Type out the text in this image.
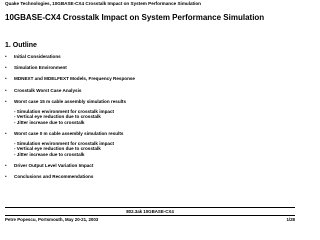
Quake Technologies, 10GBASE-CX4 Crosstalk Impact on System Performance Simulation
10GBASE-CX4 Crosstalk Impact on System Performance Simulation
1. Outline
• Initial Considerations
• Simulation Environment
• MDNEXT and MDELFEXT Models, Frequency Response
• Crosstalk Worst Case Analysis
• Worst case 15 m cable assembly simulation results
- Simulation environment for crosstalk impact
- Vertical eye reduction due to crosstalk
- Jitter increase due to crosstalk
• Worst case 0 m cable assembly simulation results
- Simulation environment for crosstalk impact
- Vertical eye reduction due to crosstalk
- Jitter increase due to crosstalk
• Driver Output Level Variation Impact
• Conclusions and Recommendations
802.3ak 10GBASE-CX4
Petre Popescu, Portsmouth, May 20-21, 2003	1/28
